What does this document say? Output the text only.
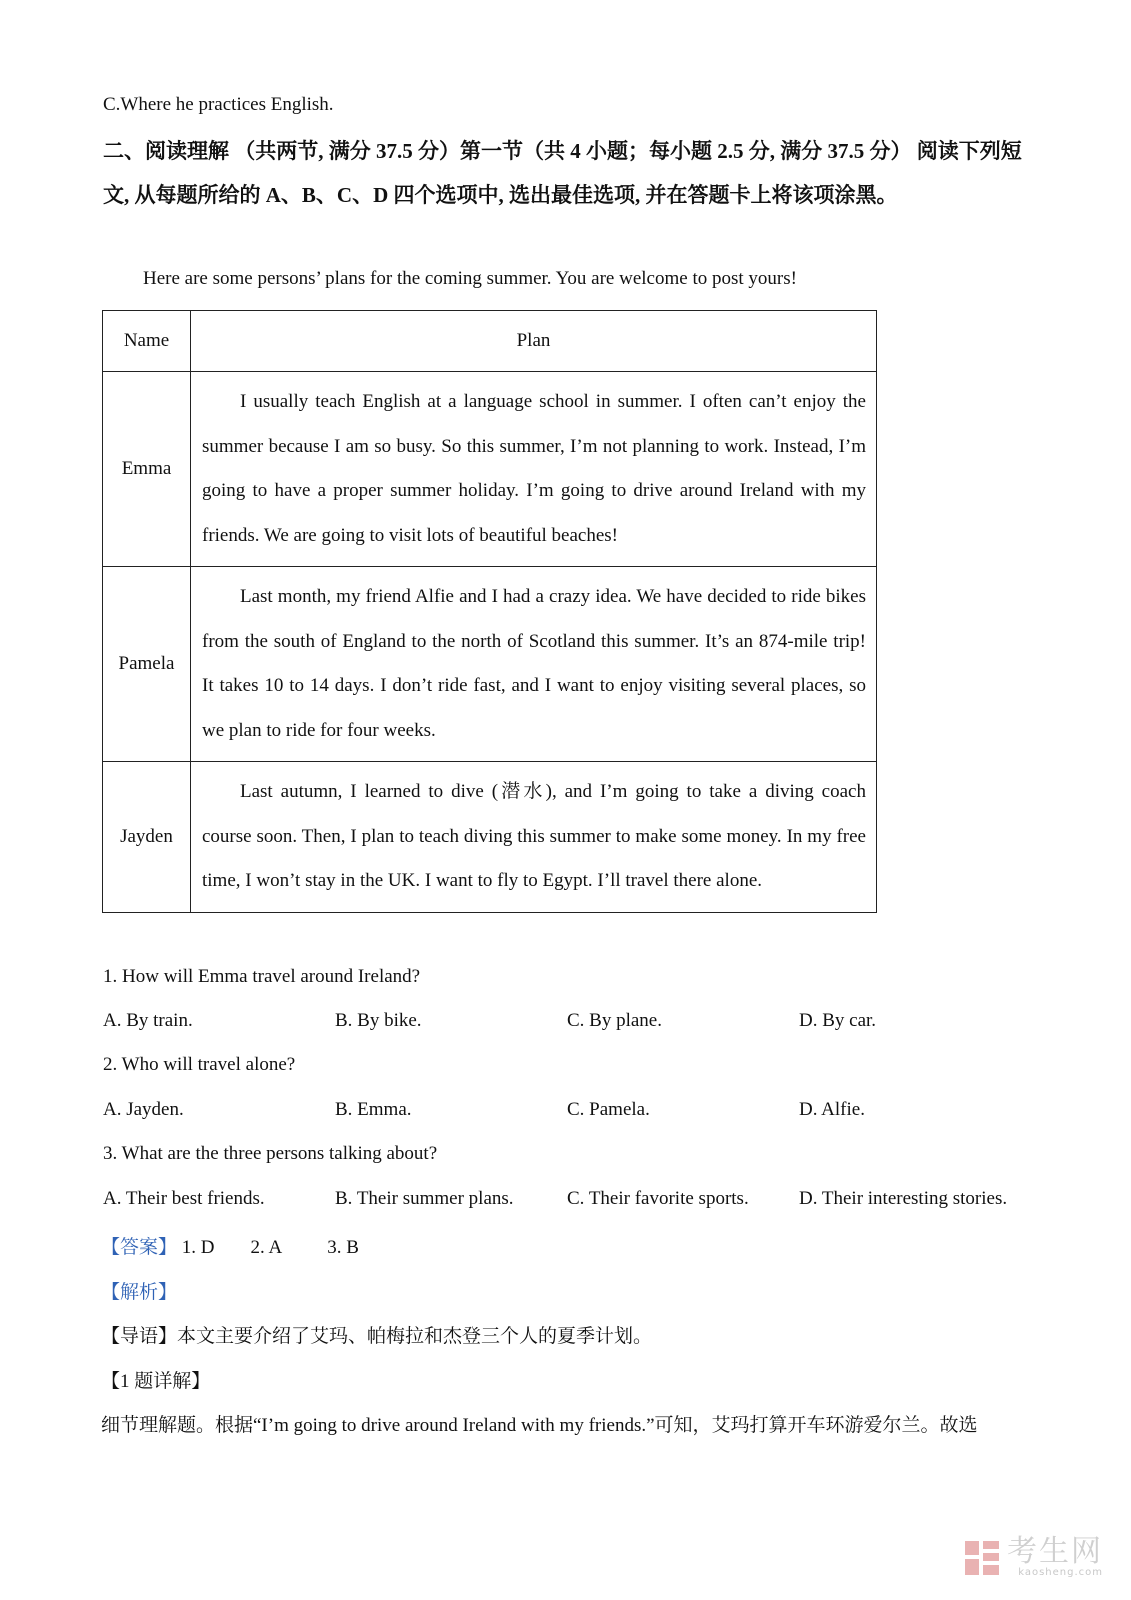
C.Where he practices English.
二、阅读理解 （共两节, 满分 37.5 分）第一节（共 4 小题；每小题 2.5 分, 满分 37.5 分） 阅读下列短文, 从每题所给的 A、B、C、D 四个选项中, 选出最佳选项, 并在答题卡上将该项涂黑。
Here are some persons’ plans for the coming summer. You are welcome to post yours!
Name	Plan
Emma	I usually teach English at a language school in summer. I often can’t enjoy the summer because I am so busy. So this summer, I’m not planning to work. Instead, I’m going to have a proper summer holiday. I’m going to drive around Ireland with my friends. We are going to visit lots of beautiful beaches!
Pamela	Last month, my friend Alfie and I had a crazy idea. We have decided to ride bikes from the south of England to the north of Scotland this summer. It’s an 874-mile trip! It takes 10 to 14 days. I don’t ride fast, and I want to enjoy visiting several places, so we plan to ride for four weeks.
Jayden	Last autumn, I learned to dive (潜水), and I’m going to take a diving coach course soon. Then, I plan to teach diving this summer to make some money. In my free time, I won’t stay in the UK. I want to fly to Egypt. I’ll travel there alone.
1. How will Emma travel around Ireland?
A. By train.	B. By bike.	C. By plane.	D. By car.
2. Who will travel alone?
A. Jayden.	B. Emma.	C. Pamela.	D. Alfie.
3. What are the three persons talking about?
A. Their best friends.	B. Their summer plans.	C. Their favorite sports.	D. Their interesting stories.
【答案】 1. D 2. A 3. B
【解析】
【导语】本文主要介绍了艾玛、帕梅拉和杰登三个人的夏季计划。
【1 题详解】
细节理解题。根据“I’m going to drive around Ireland with my friends.”可知，艾玛打算开车环游爱尔兰。故选
考生网
kaosheng.com
